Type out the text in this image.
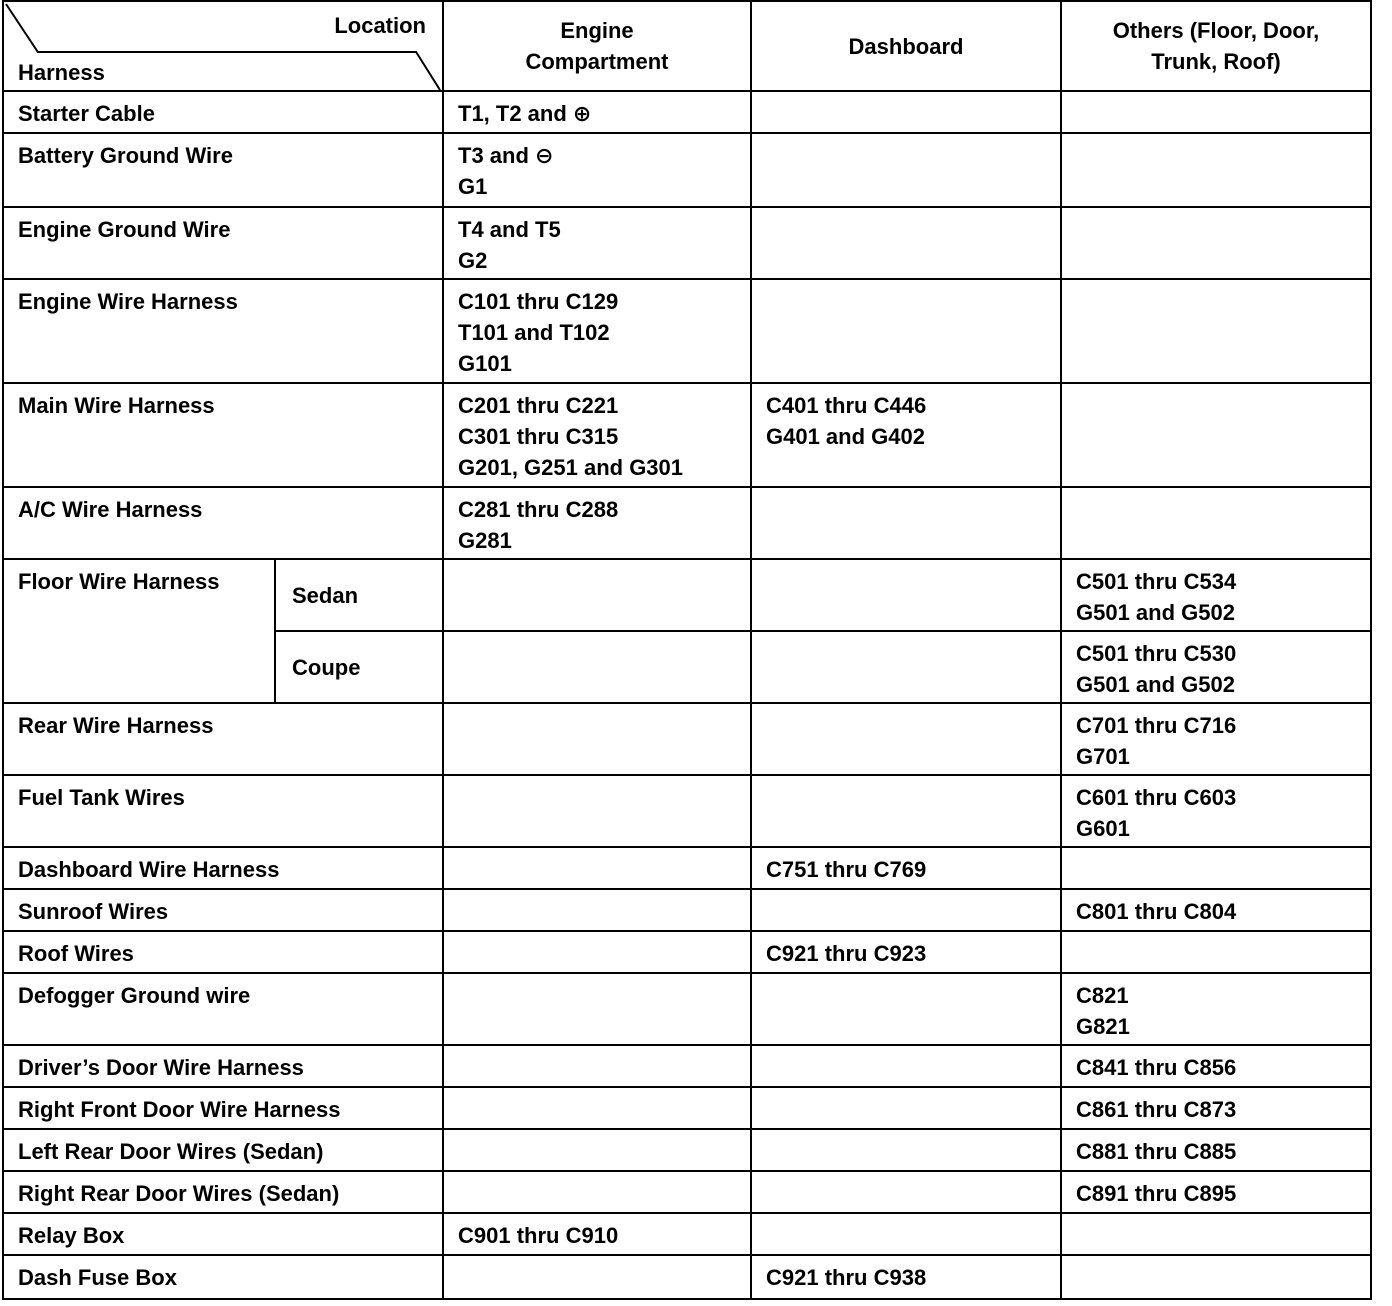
Location
Harness		Engine
Compartment	Dashboard	Others (Floor, Door,
Trunk, Roof)

Starter Cable		T1, T2 and ⊕		

Battery Ground Wire		T3 and ⊖
G1		

Engine Ground Wire		T4 and T5
G2		

Engine Wire Harness		C101 thru C129
T101 and T102
G101		

Main Wire Harness		C201 thru C221
C301 thru C315
G201, G251 and G301	C401 thru C446
G401 and G402	

A/C Wire Harness		C281 thru C288
G281		

Floor Wire Harness	Sedan			C501 thru C534
G501 and G502

	Coupe			C501 thru C530
G501 and G502

Rear Wire Harness				C701 thru C716
G701

Fuel Tank Wires				C601 thru C603
G601

Dashboard Wire Harness			C751 thru C769	

Sunroof Wires				C801 thru C804

Roof Wires			C921 thru C923	

Defogger Ground wire				C821
G821

Driver’s Door Wire Harness				C841 thru C856

Right Front Door Wire Harness				C861 thru C873

Left Rear Door Wires (Sedan)				C881 thru C885

Right Rear Door Wires (Sedan)				C891 thru C895

Relay Box		C901 thru C910		

Dash Fuse Box			C921 thru C938	
